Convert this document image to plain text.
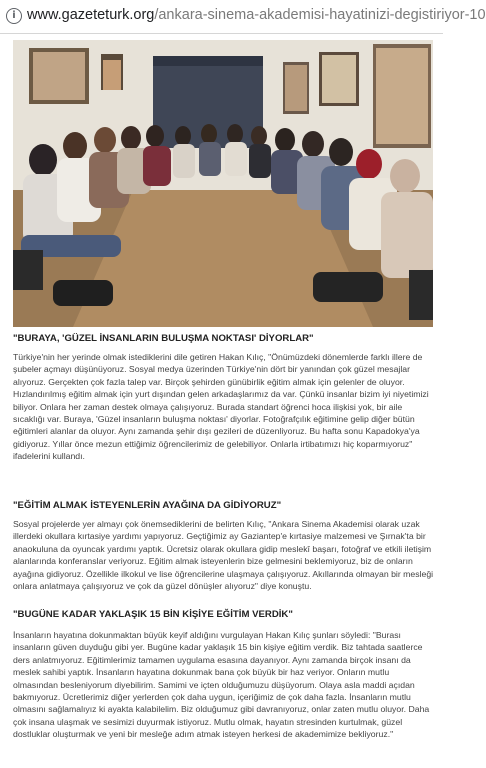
i www.gazeteturk.org/ankara-sinema-akademisi-hayatinizi-degistiriyor-10
"BURAYA, 'GÜZEL İNSANLARIN BULUŞMA NOKTASI' DİYORLAR"

Türkiye'nin her yerinde olmak istediklerini dile getiren Hakan Kılıç, "Önümüzdeki dönemlerde farklı illere de şubeler açmayı düşünüyoruz. Sosyal medya üzerinden Türkiye'nin dört bir yanından çok güzel mesajlar alıyoruz. Gerçekten çok fazla talep var. Birçok şehirden günübirlik eğitim almak için gelenler de oluyor. Hızlandırılmış eğitim almak için yurt dışından gelen arkadaşlarımız da var. Çünkü insanlar bizim iyi niyetimizi biliyor. Onlara her zaman destek olmaya çalışıyoruz. Burada standart öğrenci hoca ilişkisi yok, bir aile sıcaklığı var. Buraya, 'Güzel insanların buluşma noktası' diyorlar. Fotoğrafçılık eğitimine gelip diğer bütün eğitimleri alanlar da oluyor. Aynı zamanda şehir dışı gezileri de düzenliyoruz. Bu hafta sonu Kapadokya'ya gidiyoruz. Yıllar önce mezun ettiğimiz öğrencilerimiz de gelebiliyor. Onlarla irtibatımızı hiç koparmıyoruz" ifadelerini kullandı.

"EĞİTİM ALMAK İSTEYENLERİN AYAĞINA DA GİDİYORUZ"

Sosyal projelerde yer almayı çok önemsediklerini de belirten Kılıç, "Ankara Sinema Akademisi olarak uzak illerdeki okullara kırtasiye yardımı yapıyoruz. Geçtiğimiz ay Gaziantep'e kırtasiye malzemesi ve Şırnak'ta bir anaokuluna da oyuncak yardımı yaptık. Ücretsiz olarak okullara gidip meslekî başarı, fotoğraf ve etkili iletişim alanlarında konferanslar veriyoruz. Eğitim almak isteyenlerin bize gelmesini beklemiyoruz, biz de onların ayağına gidiyoruz. Özellikle ilkokul ve lise öğrencilerine ulaşmaya çalışıyoruz. Akıllarında olmayan bir mesleği onlara anlatmaya çalışıyoruz ve çok da güzel dönüşler alıyoruz" diye konuştu.

"BUGÜNE KADAR YAKLAŞIK 15 BİN KİŞİYE EĞİTİM VERDİK"

İnsanların hayatına dokunmaktan büyük keyif aldığını vurgulayan Hakan Kılıç şunları söyledi: "Burası insanların güven duyduğu gibi yer. Bugüne kadar yaklaşık 15 bin kişiye eğitim verdik. Biz tahtada saatlerce ders anlatmıyoruz. Eğitimlerimiz tamamen uygulama esasına dayanıyor. Aynı zamanda birçok insanı da meslek sahibi yaptık. İnsanların hayatına dokunmak bana çok büyük bir haz veriyor. Onların mutlu olmasından besleniyorum diyebilirim. Samimi ve içten olduğumuzu düşüyorum. Olaya asla maddi açıdan bakmıyoruz. Ücretlerimiz diğer yerlerden çok daha uygun, içeriğimiz de çok daha fazla. İnsanların mutlu olmasını sağlamalıyız ki ayakta kalabilelim. Biz olduğumuz gibi davranıyoruz, onlar zaten mutlu oluyor. Daha çok insana ulaşmak ve sesimizi duyurmak istiyoruz. Mutlu olmak, hayatın stresinden kurtulmak, güzel dostluklar oluşturmak ve yeni bir mesleğe adım atmak isteyen herkesi de akademimize bekliyoruz."
